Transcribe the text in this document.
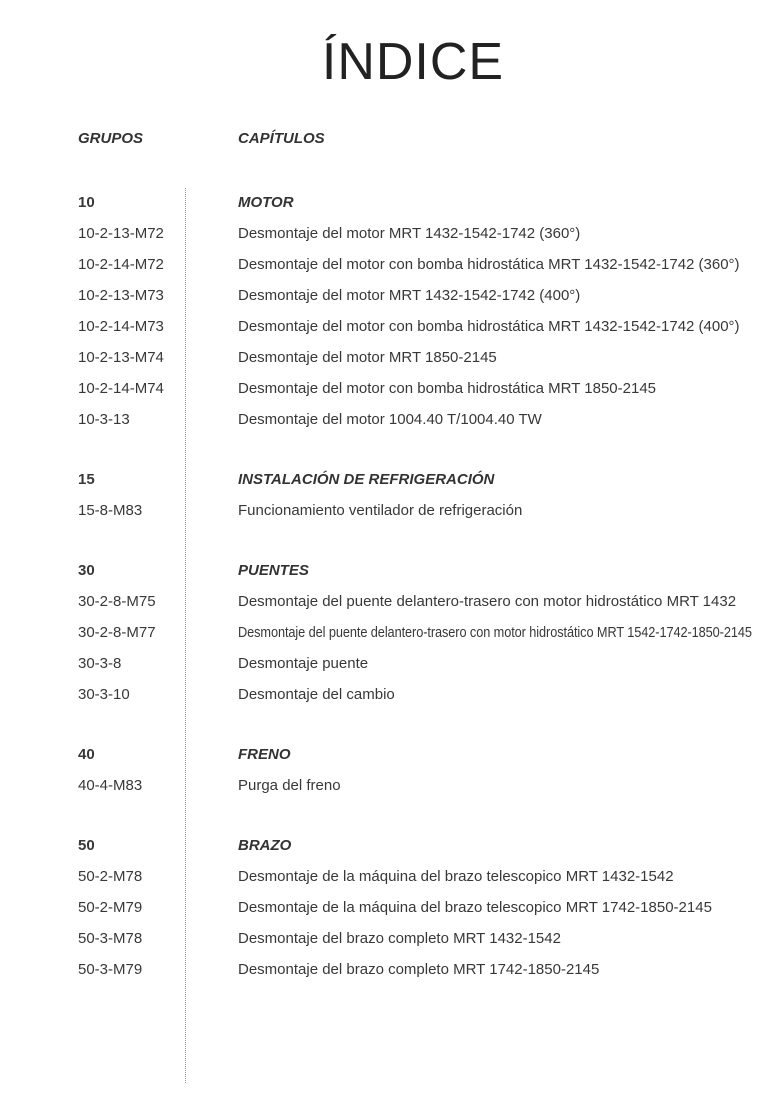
ÍNDICE
GRUPOS	CAPÍTULOS
10	MOTOR
10-2-13-M72	Desmontaje del motor MRT 1432-1542-1742 (360°)
10-2-14-M72	Desmontaje del motor con bomba hidrostática MRT 1432-1542-1742 (360°)
10-2-13-M73	Desmontaje del motor MRT 1432-1542-1742 (400°)
10-2-14-M73	Desmontaje del motor con bomba hidrostática MRT 1432-1542-1742 (400°)
10-2-13-M74	Desmontaje del motor MRT 1850-2145
10-2-14-M74	Desmontaje del motor con bomba hidrostática MRT 1850-2145
10-3-13	Desmontaje del motor 1004.40 T/1004.40 TW
15	INSTALACIÓN DE REFRIGERACIÓN
15-8-M83	Funcionamiento ventilador de refrigeración
30	PUENTES
30-2-8-M75	Desmontaje del puente delantero-trasero con motor hidrostático MRT 1432
30-2-8-M77	Desmontaje del puente delantero-trasero con motor hidrostático MRT 1542-1742-1850-2145
30-3-8	Desmontaje puente
30-3-10	Desmontaje del cambio
40	FRENO
40-4-M83	Purga del freno
50	BRAZO
50-2-M78	Desmontaje de la máquina del brazo telescopico MRT 1432-1542
50-2-M79	Desmontaje de la máquina del brazo telescopico MRT 1742-1850-2145
50-3-M78	Desmontaje del brazo completo MRT 1432-1542
50-3-M79	Desmontaje del brazo completo MRT 1742-1850-2145
